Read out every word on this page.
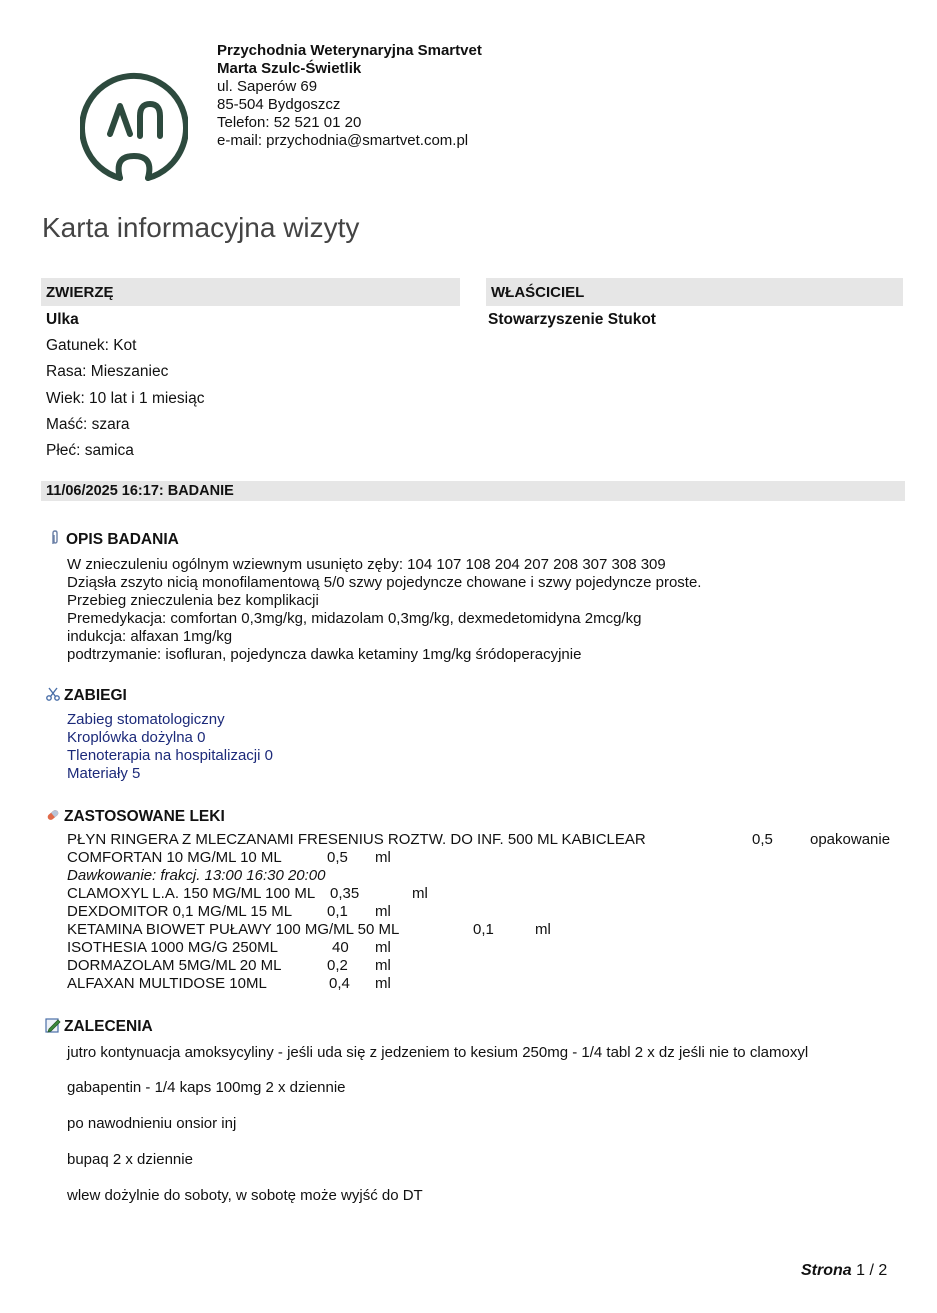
Przychodnia Weterynaryjna Smartvet
Marta Szulc-Świetlik
ul. Saperów 69
85-504 Bydgoszcz
Telefon: 52 521 01 20
e-mail: przychodnia@smartvet.com.pl
Karta informacyjna wizyty
ZWIERZĘ
Ulka
Gatunek: Kot
Rasa: Mieszaniec
Wiek: 10 lat i 1 miesiąc
Maść: szara
Płeć: samica
WŁAŚCICIEL
Stowarzyszenie Stukot
11/06/2025 16:17: BADANIE
OPIS BADANIA
W znieczuleniu ogólnym wziewnym usunięto zęby: 104 107 108 204 207 208 307 308 309
Dziąsła zszyto nicią monofilamentową 5/0 szwy pojedyncze chowane i szwy pojedyncze proste.
Przebieg znieczulenia bez komplikacji
Premedykacja: comfortan 0,3mg/kg, midazolam 0,3mg/kg, dexmedetomidyna 2mcg/kg
indukcja: alfaxan 1mg/kg
podtrzymanie: isofluran, pojedyncza dawka ketaminy 1mg/kg śródoperacyjnie
ZABIEGI
Zabieg stomatologiczny
Kroplówka dożylna 0
Tlenoterapia na hospitalizacji 0
Materiały 5
ZASTOSOWANE LEKI
PŁYN RINGERA Z MLECZANAMI FRESENIUS ROZTW. DO INF. 500 ML KABICLEAR	0,5 opakowanie
COMFORTAN 10 MG/ML 10 ML	0,5 ml
Dawkowanie: frakcj. 13:00 16:30 20:00
CLAMOXYL L.A. 150 MG/ML 100 ML 0,35	ml
DEXDOMITOR 0,1 MG/ML 15 ML 0,1 ml
KETAMINA BIOWET PUŁAWY 100 MG/ML 50 ML	0,1	ml
ISOTHESIA 1000 MG/G 250ML	40 ml
DORMAZOLAM 5MG/ML 20 ML	0,2 ml
ALFAXAN MULTIDOSE 10ML	0,4 ml
ZALECENIA
jutro kontynuacja amoksycyliny - jeśli uda się z jedzeniem to kesium 250mg - 1/4 tabl 2 x dz jeśli nie to clamoxyl
gabapentin - 1/4 kaps 100mg 2 x dziennie
po nawodnieniu onsior inj
bupaq 2 x dziennie
wlew dożylnie do soboty, w sobotę może wyjść do DT
Strona 1 / 2
